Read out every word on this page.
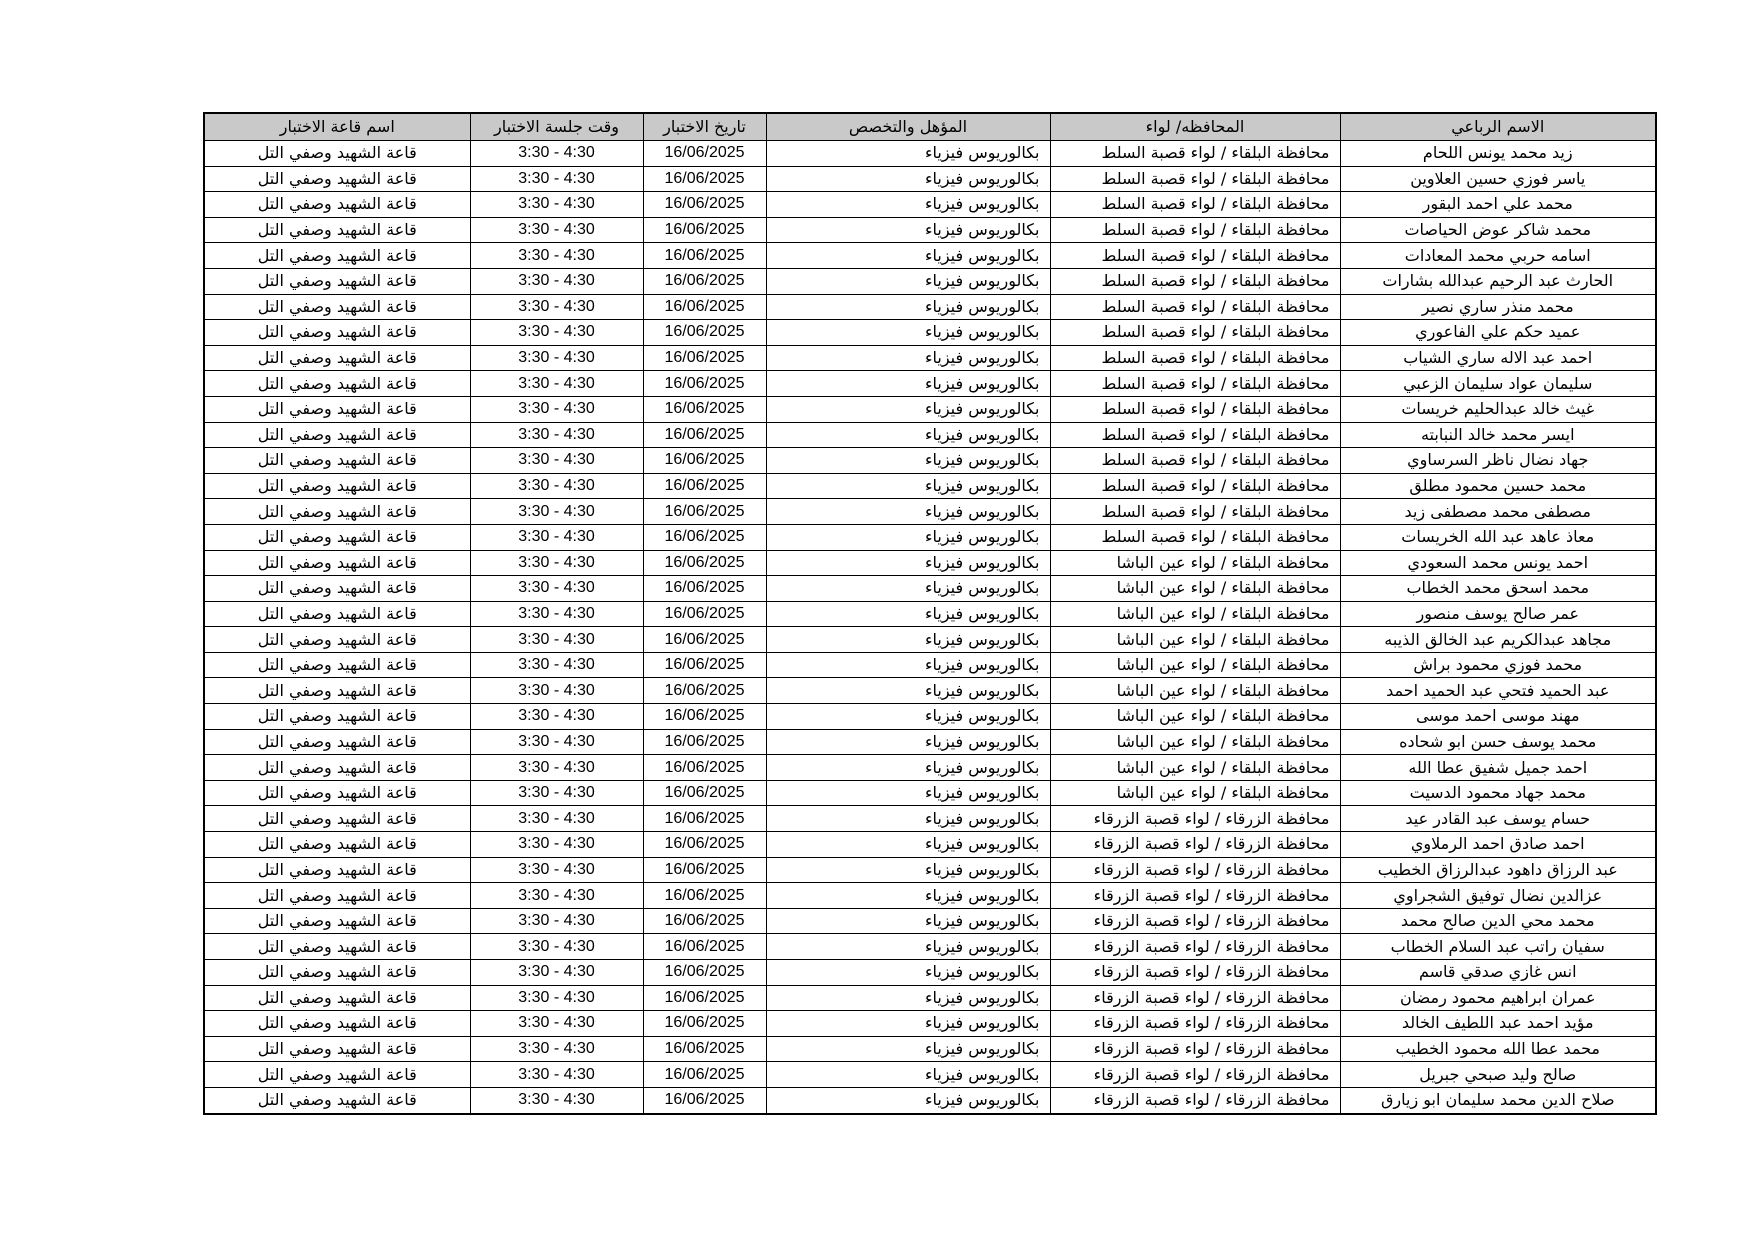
الاسم الرباعي	المحافظه/ لواء	المؤهل والتخصص	تاريخ الاختبار	وقت جلسة الاختبار	اسم قاعة الاختبار
زيد محمد يونس اللحام	محافظة البلقاء / لواء قصبة السلط	بكالوريوس فيزياء	16/06/2025	3:30 - 4:30	قاعة الشهيد وصفي التل
ياسر فوزي حسين العلاوين	محافظة البلقاء / لواء قصبة السلط	بكالوريوس فيزياء	16/06/2025	3:30 - 4:30	قاعة الشهيد وصفي التل
محمد علي احمد البقور	محافظة البلقاء / لواء قصبة السلط	بكالوريوس فيزياء	16/06/2025	3:30 - 4:30	قاعة الشهيد وصفي التل
محمد شاكر عوض الحياصات	محافظة البلقاء / لواء قصبة السلط	بكالوريوس فيزياء	16/06/2025	3:30 - 4:30	قاعة الشهيد وصفي التل
اسامه حربي محمد المعادات	محافظة البلقاء / لواء قصبة السلط	بكالوريوس فيزياء	16/06/2025	3:30 - 4:30	قاعة الشهيد وصفي التل
الحارث عبد الرحيم عبدالله بشارات	محافظة البلقاء / لواء قصبة السلط	بكالوريوس فيزياء	16/06/2025	3:30 - 4:30	قاعة الشهيد وصفي التل
محمد منذر ساري نصير	محافظة البلقاء / لواء قصبة السلط	بكالوريوس فيزياء	16/06/2025	3:30 - 4:30	قاعة الشهيد وصفي التل
عميد حكم علي الفاعوري	محافظة البلقاء / لواء قصبة السلط	بكالوريوس فيزياء	16/06/2025	3:30 - 4:30	قاعة الشهيد وصفي التل
احمد عبد الاله ساري الشياب	محافظة البلقاء / لواء قصبة السلط	بكالوريوس فيزياء	16/06/2025	3:30 - 4:30	قاعة الشهيد وصفي التل
سليمان عواد سليمان الزعبي	محافظة البلقاء / لواء قصبة السلط	بكالوريوس فيزياء	16/06/2025	3:30 - 4:30	قاعة الشهيد وصفي التل
غيث خالد عبدالحليم خريسات	محافظة البلقاء / لواء قصبة السلط	بكالوريوس فيزياء	16/06/2025	3:30 - 4:30	قاعة الشهيد وصفي التل
ايسر محمد خالد النبابته	محافظة البلقاء / لواء قصبة السلط	بكالوريوس فيزياء	16/06/2025	3:30 - 4:30	قاعة الشهيد وصفي التل
جهاد نضال ناظر السرساوي	محافظة البلقاء / لواء قصبة السلط	بكالوريوس فيزياء	16/06/2025	3:30 - 4:30	قاعة الشهيد وصفي التل
محمد حسين محمود مطلق	محافظة البلقاء / لواء قصبة السلط	بكالوريوس فيزياء	16/06/2025	3:30 - 4:30	قاعة الشهيد وصفي التل
مصطفى محمد مصطفى زيد	محافظة البلقاء / لواء قصبة السلط	بكالوريوس فيزياء	16/06/2025	3:30 - 4:30	قاعة الشهيد وصفي التل
معاذ عاهد عبد الله الخريسات	محافظة البلقاء / لواء قصبة السلط	بكالوريوس فيزياء	16/06/2025	3:30 - 4:30	قاعة الشهيد وصفي التل
احمد يونس محمد السعودي	محافظة البلقاء / لواء عين الباشا	بكالوريوس فيزياء	16/06/2025	3:30 - 4:30	قاعة الشهيد وصفي التل
محمد اسحق محمد الخطاب	محافظة البلقاء / لواء عين الباشا	بكالوريوس فيزياء	16/06/2025	3:30 - 4:30	قاعة الشهيد وصفي التل
عمر صالح يوسف منصور	محافظة البلقاء / لواء عين الباشا	بكالوريوس فيزياء	16/06/2025	3:30 - 4:30	قاعة الشهيد وصفي التل
مجاهد عبدالكريم عبد الخالق الذيبه	محافظة البلقاء / لواء عين الباشا	بكالوريوس فيزياء	16/06/2025	3:30 - 4:30	قاعة الشهيد وصفي التل
محمد فوزي محمود براش	محافظة البلقاء / لواء عين الباشا	بكالوريوس فيزياء	16/06/2025	3:30 - 4:30	قاعة الشهيد وصفي التل
عبد الحميد فتحي عبد الحميد احمد	محافظة البلقاء / لواء عين الباشا	بكالوريوس فيزياء	16/06/2025	3:30 - 4:30	قاعة الشهيد وصفي التل
مهند موسى احمد موسى	محافظة البلقاء / لواء عين الباشا	بكالوريوس فيزياء	16/06/2025	3:30 - 4:30	قاعة الشهيد وصفي التل
محمد يوسف حسن ابو شحاده	محافظة البلقاء / لواء عين الباشا	بكالوريوس فيزياء	16/06/2025	3:30 - 4:30	قاعة الشهيد وصفي التل
احمد جميل شفيق عطا الله	محافظة البلقاء / لواء عين الباشا	بكالوريوس فيزياء	16/06/2025	3:30 - 4:30	قاعة الشهيد وصفي التل
محمد جهاد محمود الدسيت	محافظة البلقاء / لواء عين الباشا	بكالوريوس فيزياء	16/06/2025	3:30 - 4:30	قاعة الشهيد وصفي التل
حسام يوسف عبد القادر عيد	محافظة الزرقاء / لواء قصبة الزرقاء	بكالوريوس فيزياء	16/06/2025	3:30 - 4:30	قاعة الشهيد وصفي التل
احمد صادق احمد الرملاوي	محافظة الزرقاء / لواء قصبة الزرقاء	بكالوريوس فيزياء	16/06/2025	3:30 - 4:30	قاعة الشهيد وصفي التل
عبد الرزاق داهود عبدالرزاق الخطيب	محافظة الزرقاء / لواء قصبة الزرقاء	بكالوريوس فيزياء	16/06/2025	3:30 - 4:30	قاعة الشهيد وصفي التل
عزالدين نضال توفيق الشجراوي	محافظة الزرقاء / لواء قصبة الزرقاء	بكالوريوس فيزياء	16/06/2025	3:30 - 4:30	قاعة الشهيد وصفي التل
محمد محي الدين صالح محمد	محافظة الزرقاء / لواء قصبة الزرقاء	بكالوريوس فيزياء	16/06/2025	3:30 - 4:30	قاعة الشهيد وصفي التل
سفيان راتب عبد السلام الخطاب	محافظة الزرقاء / لواء قصبة الزرقاء	بكالوريوس فيزياء	16/06/2025	3:30 - 4:30	قاعة الشهيد وصفي التل
انس غازي صدقي قاسم	محافظة الزرقاء / لواء قصبة الزرقاء	بكالوريوس فيزياء	16/06/2025	3:30 - 4:30	قاعة الشهيد وصفي التل
عمران ابراهيم محمود رمضان	محافظة الزرقاء / لواء قصبة الزرقاء	بكالوريوس فيزياء	16/06/2025	3:30 - 4:30	قاعة الشهيد وصفي التل
مؤيد احمد عبد اللطيف الخالد	محافظة الزرقاء / لواء قصبة الزرقاء	بكالوريوس فيزياء	16/06/2025	3:30 - 4:30	قاعة الشهيد وصفي التل
محمد عطا الله محمود الخطيب	محافظة الزرقاء / لواء قصبة الزرقاء	بكالوريوس فيزياء	16/06/2025	3:30 - 4:30	قاعة الشهيد وصفي التل
صالح وليد صبحي جبريل	محافظة الزرقاء / لواء قصبة الزرقاء	بكالوريوس فيزياء	16/06/2025	3:30 - 4:30	قاعة الشهيد وصفي التل
صلاح الدين محمد سليمان ابو زيارق	محافظة الزرقاء / لواء قصبة الزرقاء	بكالوريوس فيزياء	16/06/2025	3:30 - 4:30	قاعة الشهيد وصفي التل
